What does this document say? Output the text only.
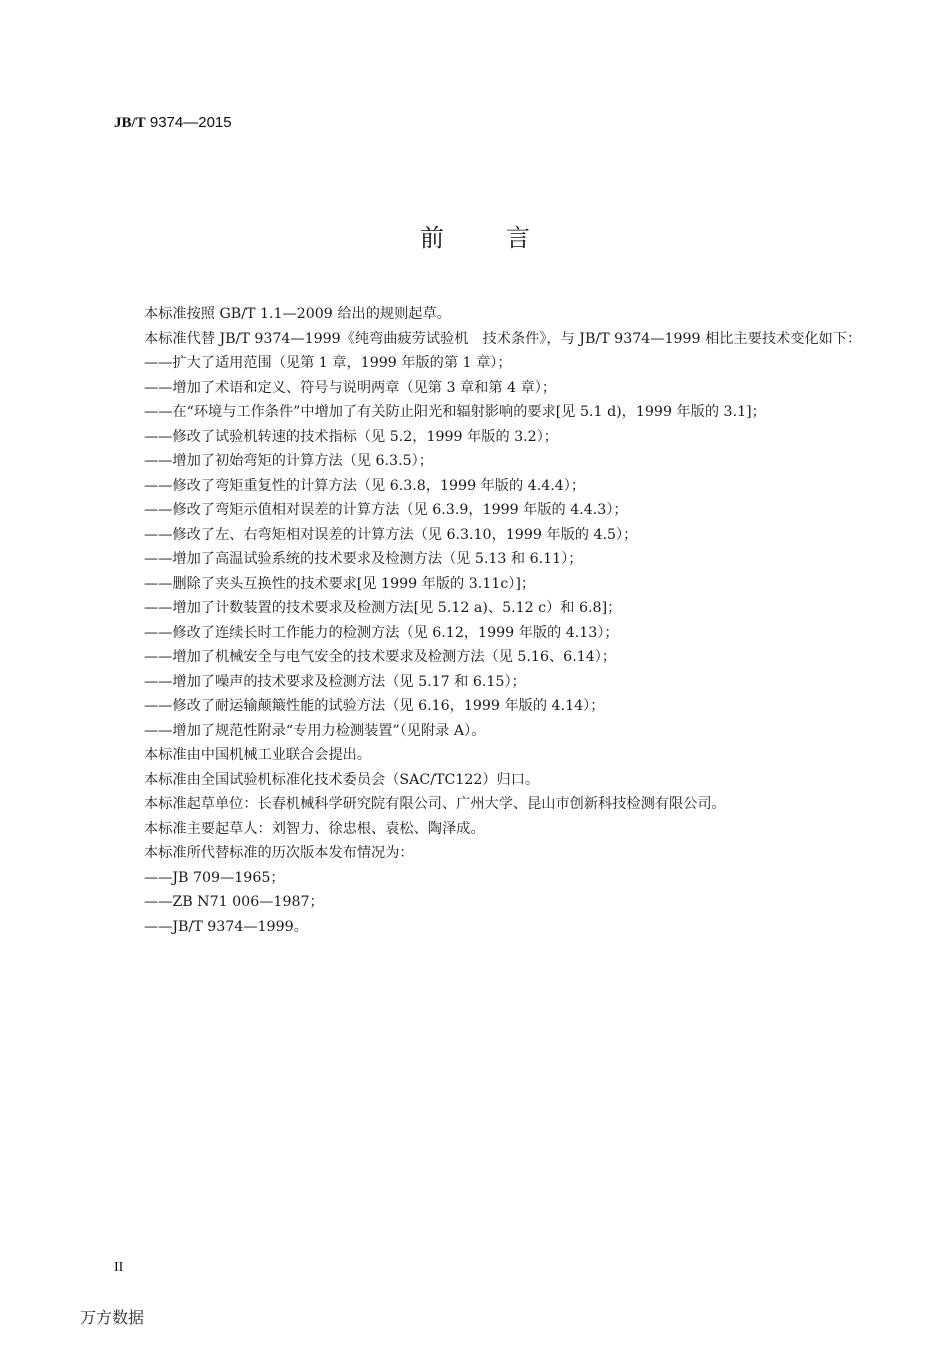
JB/T 9374—2015
前	言

本标准按照 GB/T 1.1—2009 给出的规则起草。

本标准代替 JB/T 9374—1999《纯弯曲疲劳试验机　技术条件》，与 JB/T 9374—1999 相比主要技术变化如下：

——扩大了适用范围（见第 1 章，1999 年版的第 1 章）；

——增加了术语和定义、符号与说明两章（见第 3 章和第 4 章）；

——在“环境与工作条件”中增加了有关防止阳光和辐射影响的要求[见 5.1 d)，1999 年版的 3.1]；

——修改了试验机转速的技术指标（见 5.2，1999 年版的 3.2）；

——增加了初始弯矩的计算方法（见 6.3.5）；

——修改了弯矩重复性的计算方法（见 6.3.8，1999 年版的 4.4.4）；

——修改了弯矩示值相对误差的计算方法（见 6.3.9，1999 年版的 4.4.3）；

——修改了左、右弯矩相对误差的计算方法（见 6.3.10，1999 年版的 4.5）；

——增加了高温试验系统的技术要求及检测方法（见 5.13 和 6.11）；

——删除了夹头互换性的技术要求[见 1999 年版的 3.11c）]；

——增加了计数装置的技术要求及检测方法[见 5.12 a)、5.12 c）和 6.8]；

——修改了连续长时工作能力的检测方法（见 6.12，1999 年版的 4.13）；

——增加了机械安全与电气安全的技术要求及检测方法（见 5.16、6.14）；

——增加了噪声的技术要求及检测方法（见 5.17 和 6.15）；

——修改了耐运输颠簸性能的试验方法（见 6.16，1999 年版的 4.14）；

——增加了规范性附录“专用力检测装置”（见附录 A）。

本标准由中国机械工业联合会提出。

本标准由全国试验机标准化技术委员会（SAC/TC122）归口。

本标准起草单位：长春机械科学研究院有限公司、广州大学、昆山市创新科技检测有限公司。

本标准主要起草人：刘智力、徐忠根、袁松、陶泽成。

本标准所代替标准的历次版本发布情况为：

——JB 709—1965；

——ZB N71 006—1987；

——JB/T 9374—1999。

II
万方数据
